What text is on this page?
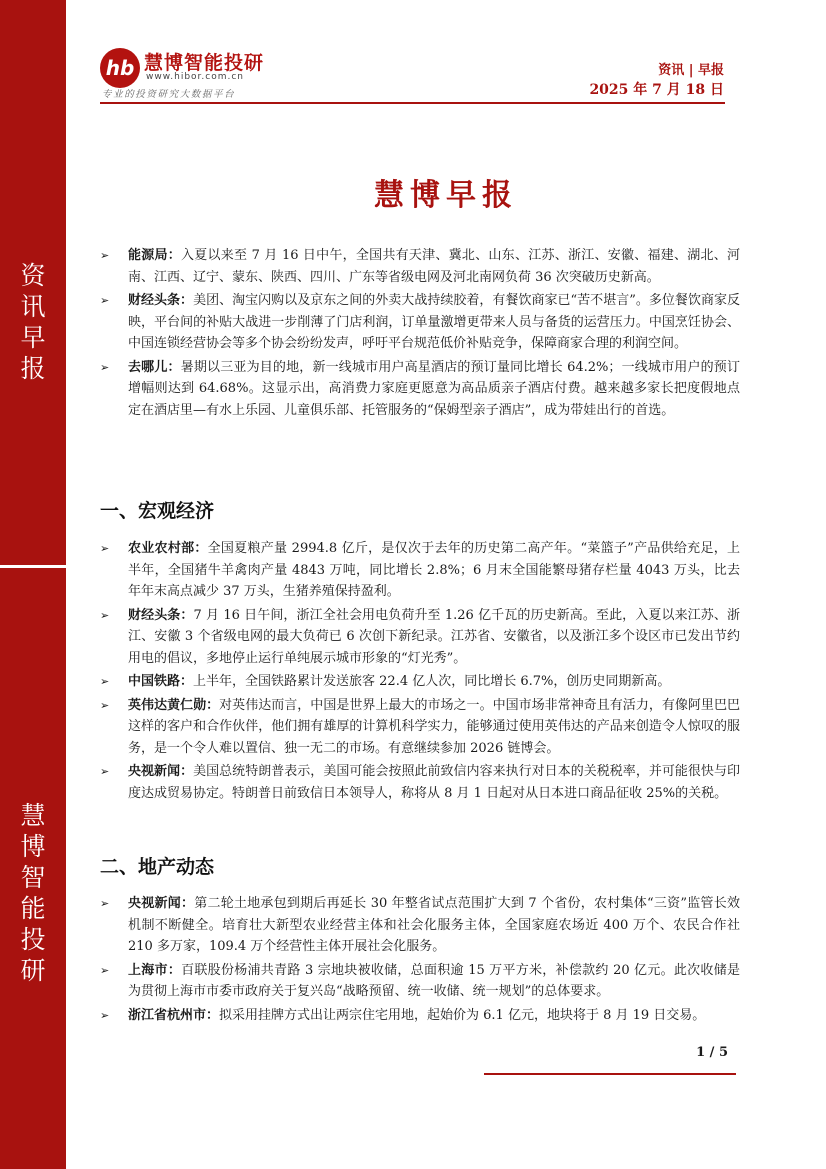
资
讯
早
报
慧
博
智
能
投
研
hb 慧博智能投研
www.hibor.com.cn
专业的投资研究大数据平台
资讯 | 早报
2025 年 7 月 18 日
慧博早报
➢ 能源局：入夏以来至 7 月 16 日中午，全国共有天津、冀北、山东、江苏、浙江、安徽、福建、湖北、河南、江西、辽宁、蒙东、陕西、四川、广东等省级电网及河北南网负荷 36 次突破历史新高。
➢ 财经头条：美团、淘宝闪购以及京东之间的外卖大战持续胶着，有餐饮商家已“苦不堪言”。多位餐饮商家反映，平台间的补贴大战进一步削薄了门店利润，订单量激增更带来人员与备货的运营压力。中国烹饪协会、中国连锁经营协会等多个协会纷纷发声，呼吁平台规范低价补贴竞争，保障商家合理的利润空间。
➢ 去哪儿：暑期以三亚为目的地，新一线城市用户高星酒店的预订量同比增长 64.2%；一线城市用户的预订增幅则达到 64.68%。这显示出，高消费力家庭更愿意为高品质亲子酒店付费。越来越多家长把度假地点定在酒店里—有水上乐园、儿童俱乐部、托管服务的“保姆型亲子酒店”，成为带娃出行的首选。
一、宏观经济
➢ 农业农村部：全国夏粮产量 2994.8 亿斤，是仅次于去年的历史第二高产年。“菜篮子”产品供给充足，上半年，全国猪牛羊禽肉产量 4843 万吨，同比增长 2.8%；6 月末全国能繁母猪存栏量 4043 万头，比去年年末高点减少 37 万头，生猪养殖保持盈利。
➢ 财经头条：7 月 16 日午间，浙江全社会用电负荷升至 1.26 亿千瓦的历史新高。至此，入夏以来江苏、浙江、安徽 3 个省级电网的最大负荷已 6 次创下新纪录。江苏省、安徽省，以及浙江多个设区市已发出节约用电的倡议，多地停止运行单纯展示城市形象的“灯光秀”。
➢ 中国铁路：上半年，全国铁路累计发送旅客 22.4 亿人次，同比增长 6.7%，创历史同期新高。
➢ 英伟达黄仁勋：对英伟达而言，中国是世界上最大的市场之一。中国市场非常神奇且有活力，有像阿里巴巴这样的客户和合作伙伴，他们拥有雄厚的计算机科学实力，能够通过使用英伟达的产品来创造令人惊叹的服务，是一个令人难以置信、独一无二的市场。有意继续参加 2026 链博会。
➢ 央视新闻：美国总统特朗普表示，美国可能会按照此前致信内容来执行对日本的关税税率，并可能很快与印度达成贸易协定。特朗普日前致信日本领导人，称将从 8 月 1 日起对从日本进口商品征收 25%的关税。
二、地产动态
➢ 央视新闻：第二轮土地承包到期后再延长 30 年整省试点范围扩大到 7 个省份，农村集体“三资”监管长效机制不断健全。培育壮大新型农业经营主体和社会化服务主体，全国家庭农场近 400 万个、农民合作社 210 多万家，109.4 万个经营性主体开展社会化服务。
➢ 上海市：百联股份杨浦共青路 3 宗地块被收储，总面积逾 15 万平方米，补偿款约 20 亿元。此次收储是为贯彻上海市市委市政府关于复兴岛“战略预留、统一收储、统一规划”的总体要求。
➢ 浙江省杭州市：拟采用挂牌方式出让两宗住宅用地，起始价为 6.1 亿元，地块将于 8 月 19 日交易。
1 / 5
